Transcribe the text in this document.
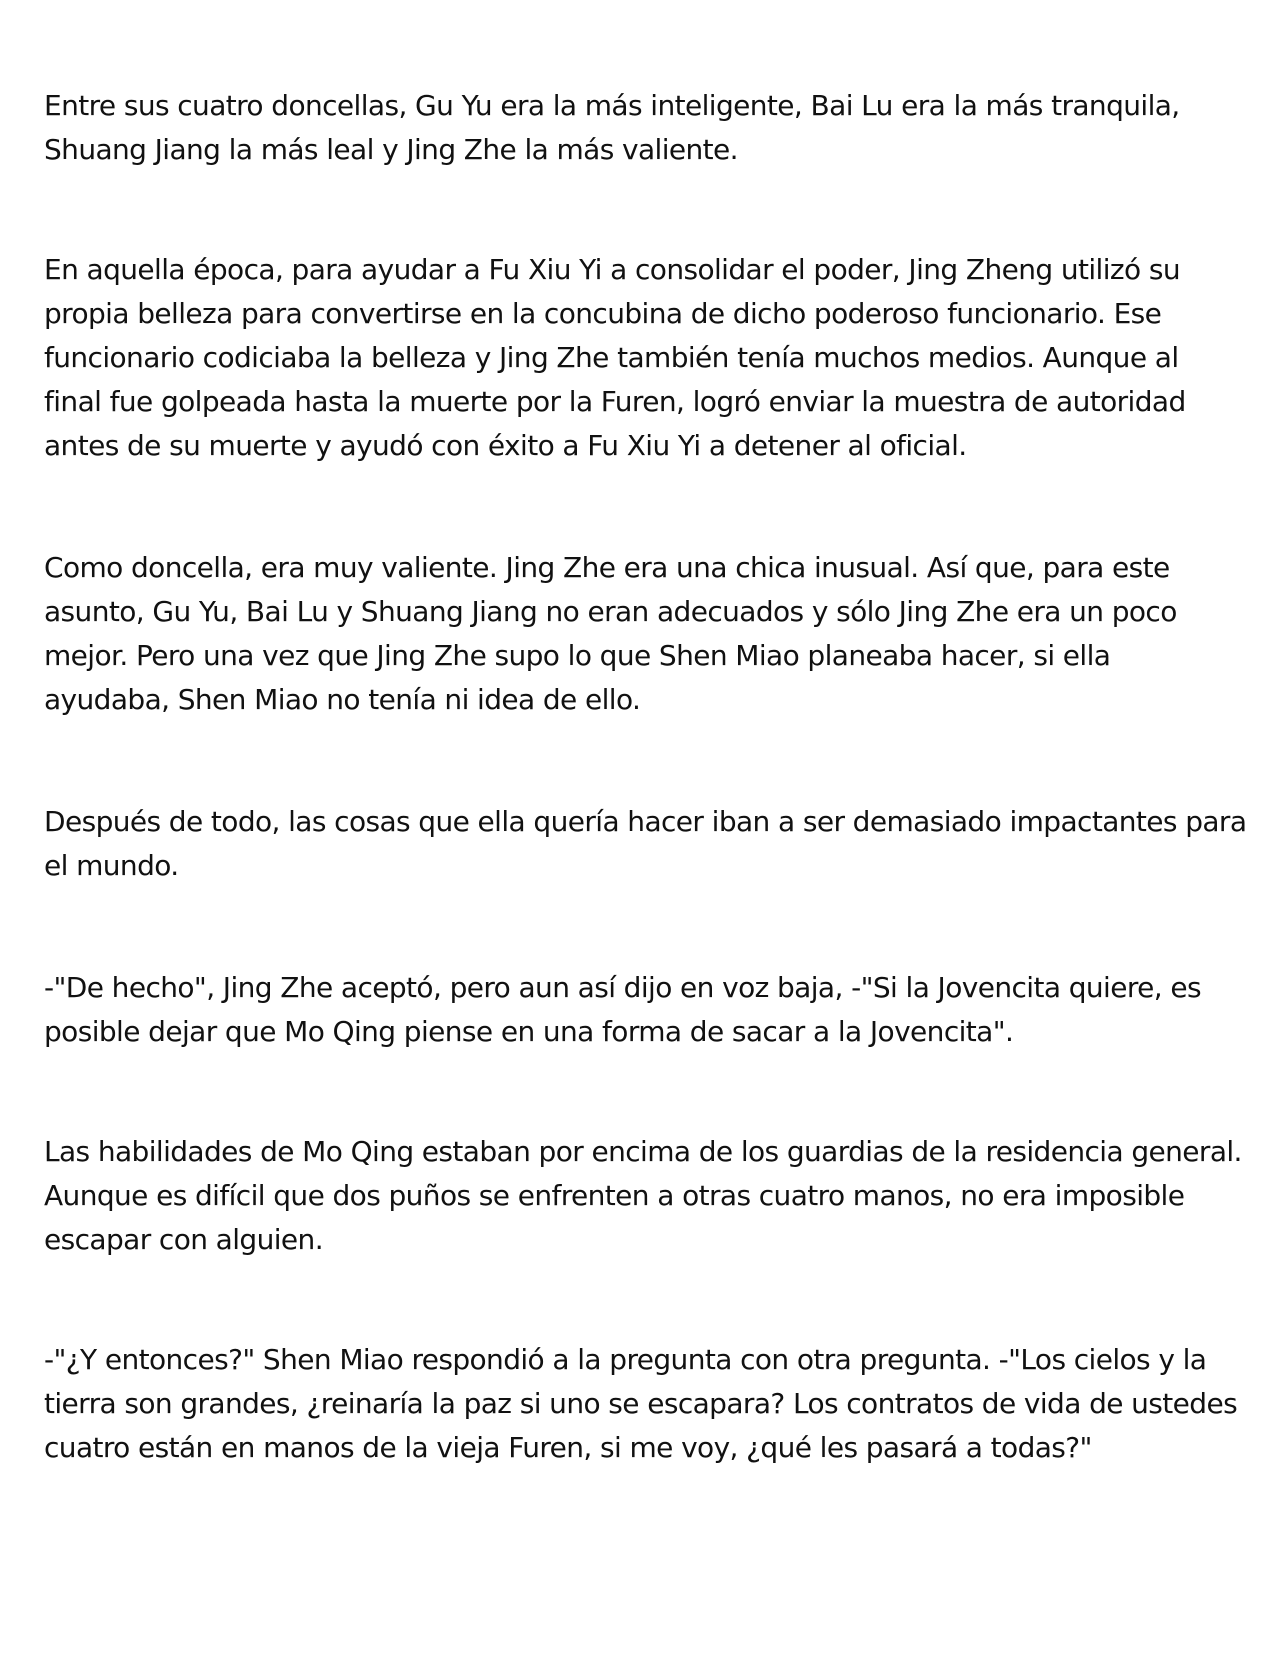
Entre sus cuatro doncellas, Gu Yu era la más inteligente, Bai Lu era la más tranquila,
Shuang Jiang la más leal y Jing Zhe la más valiente.

En aquella época, para ayudar a Fu Xiu Yi a consolidar el poder, Jing Zheng utilizó su
propia belleza para convertirse en la concubina de dicho poderoso funcionario. Ese
funcionario codiciaba la belleza y Jing Zhe también tenía muchos medios. Aunque al
final fue golpeada hasta la muerte por la Furen, logró enviar la muestra de autoridad
antes de su muerte y ayudó con éxito a Fu Xiu Yi a detener al oficial.

Como doncella, era muy valiente. Jing Zhe era una chica inusual. Así que, para este
asunto, Gu Yu, Bai Lu y Shuang Jiang no eran adecuados y sólo Jing Zhe era un poco
mejor. Pero una vez que Jing Zhe supo lo que Shen Miao planeaba hacer, si ella
ayudaba, Shen Miao no tenía ni idea de ello.

Después de todo, las cosas que ella quería hacer iban a ser demasiado impactantes para
el mundo.

-"De hecho", Jing Zhe aceptó, pero aun así dijo en voz baja, -"Si la Jovencita quiere, es
posible dejar que Mo Qing piense en una forma de sacar a la Jovencita".

Las habilidades de Mo Qing estaban por encima de los guardias de la residencia general.
Aunque es difícil que dos puños se enfrenten a otras cuatro manos, no era imposible
escapar con alguien.

-"¿Y entonces?" Shen Miao respondió a la pregunta con otra pregunta. -"Los cielos y la
tierra son grandes, ¿reinaría la paz si uno se escapara? Los contratos de vida de ustedes
cuatro están en manos de la vieja Furen, si me voy, ¿qué les pasará a todas?"
